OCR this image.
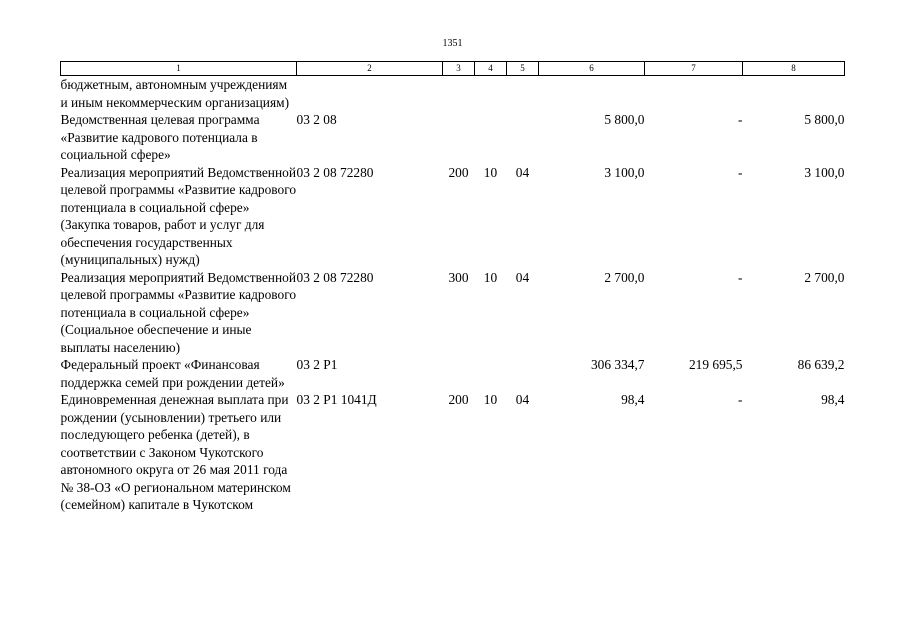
1351
1	2	3	4	5	6	7	8
бюджетным, автономным учреждениям и иным некоммерческим организациям)							
Ведомственная целевая программа «Развитие кадрового потенциала в социальной сфере»	03 2 08				5 800,0	-	5 800,0
Реализация мероприятий Ведомственной целевой программы «Развитие кадрового потенциала в социальной сфере» (Закупка товаров, работ и услуг для обеспечения государственных (муниципальных) нужд)	03 2 08 72280	200	10	04	3 100,0	-	3 100,0
Реализация мероприятий Ведомственной целевой программы «Развитие кадрового потенциала в социальной сфере» (Социальное обеспечение и иные выплаты населению)	03 2 08 72280	300	10	04	2 700,0	-	2 700,0
Федеральный проект «Финансовая поддержка семей при рождении детей»	03 2 P1				306 334,7	219 695,5	86 639,2
Единовременная денежная выплата при рождении (усыновлении) третьего или последующего ребенка (детей), в соответствии с Законом Чукотского автономного округа от 26 мая 2011 года № 38-ОЗ «О региональном материнском (семейном) капитале в Чукотском	03 2 P1 1041Д	200	10	04	98,4	-	98,4
